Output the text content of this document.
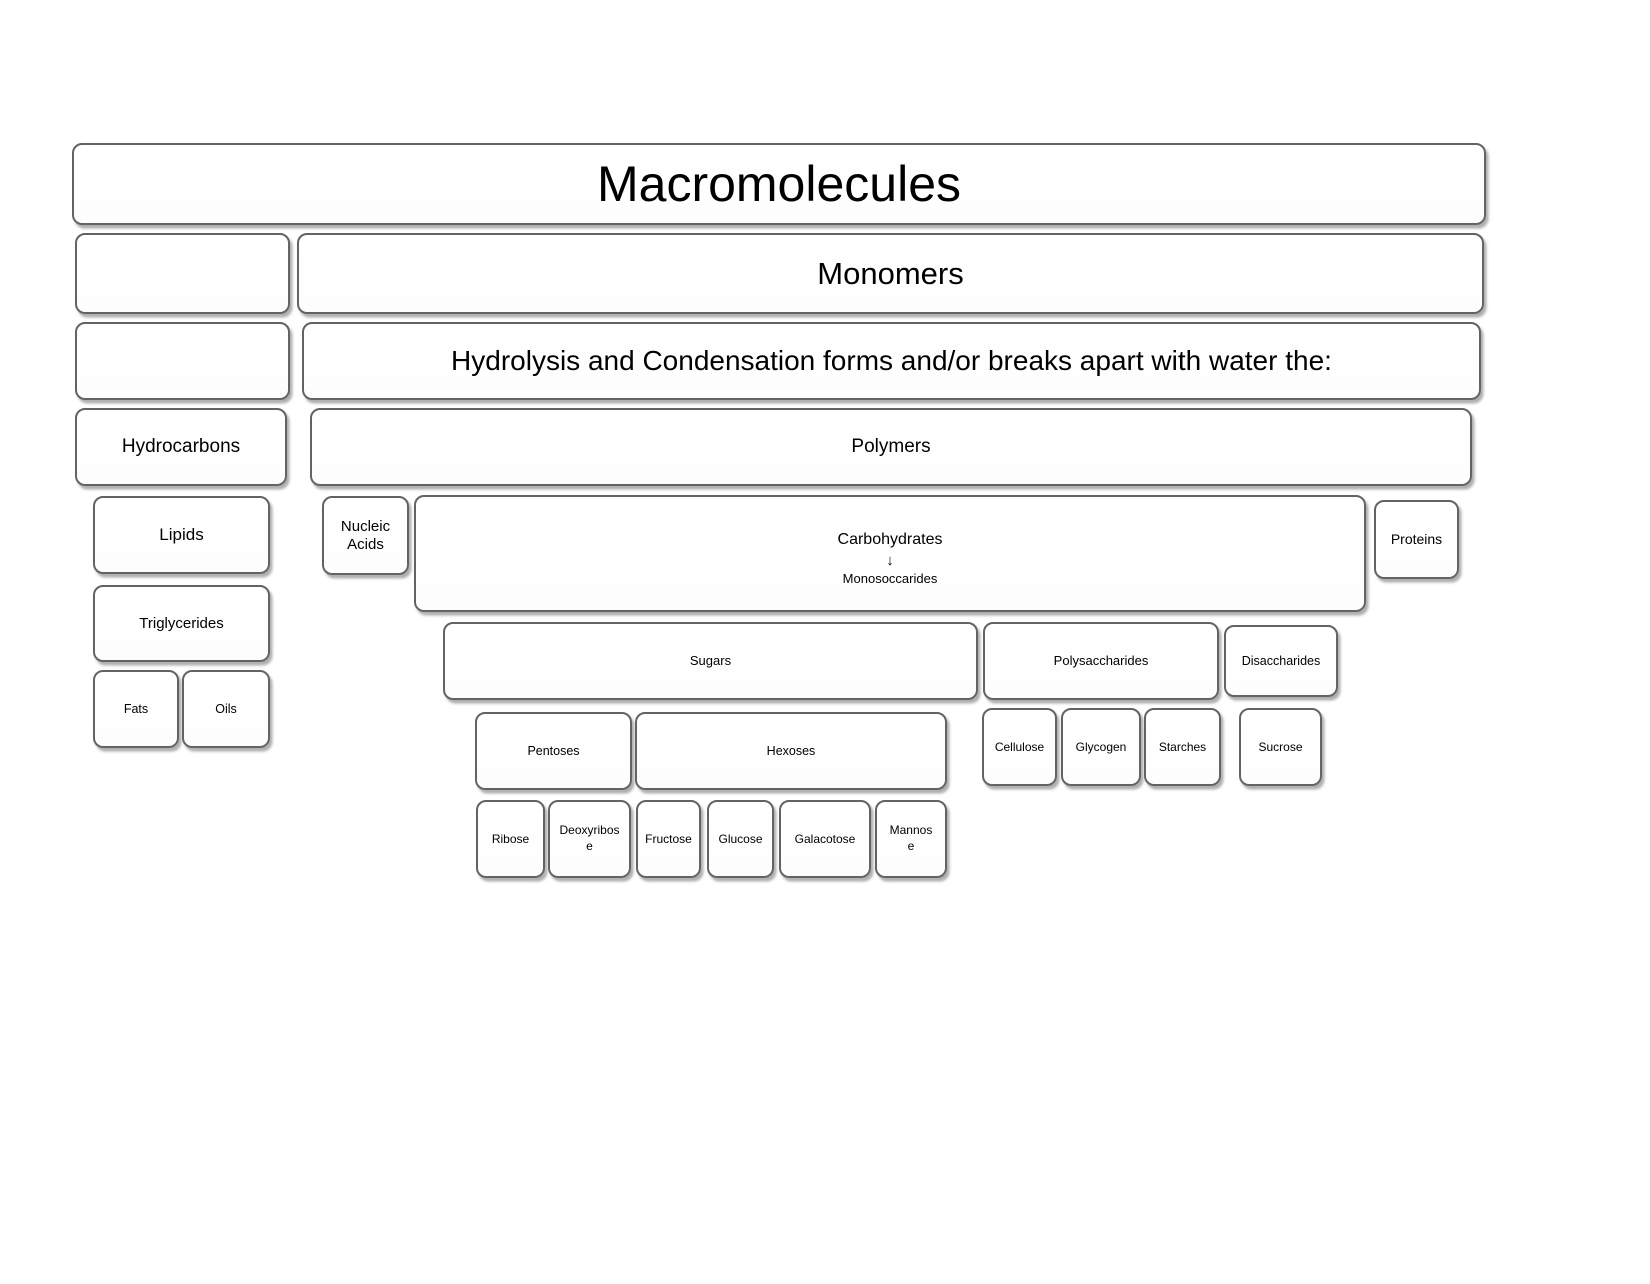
Macromolecules
Monomers
Hydrolysis and Condensation forms and/or breaks apart with water the:
Hydrocarbons	Polymers
Lipids	Nucleic Acids	Carbohydrates
↓
Monosoccarides
Proteins
Triglycerides
Sugars	Polysaccharides	Disaccharides
Fats	Oils
Pentoses	Hexoses	Cellulose	Glycogen	Starches	Sucrose
Ribose
Deoxyribose
Fructose Glucose	Galacotose
Mannose
